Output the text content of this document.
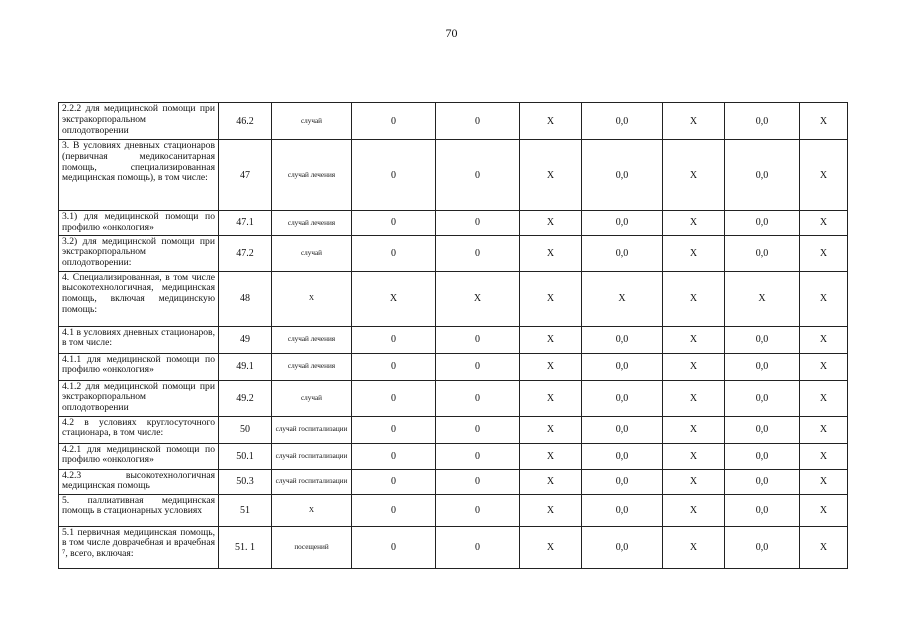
70
2.2.2 для медицинской помощи при экстракорпоральном оплодотворении	46.2	случай	0	0	X	0,0	X	0,0	X
3. В условиях дневных стационаров (первичная медикосанитарная помощь, специализированная медицинская помощь), в том числе:	47	случай лечения	0	0	X	0,0	X	0,0	X
3.1) для медицинской помощи по профилю «онкология»	47.1	случай лечения	0	0	X	0,0	X	0,0	X
3.2) для медицинской помощи при экстракорпоральном оплодотворении:	47.2	случай	0	0	X	0,0	X	0,0	X
4. Специализированная, в том числе высокотехнологичная, медицинская помощь, включая медицинскую помощь:	48	X	X	X	X	X	X	X	X
4.1 в условиях дневных стационаров, в том числе:	49	случай лечения	0	0	X	0,0	X	0,0	X
4.1.1 для медицинской помощи по профилю «онкология»	49.1	случай лечения	0	0	X	0,0	X	0,0	X
4.1.2 для медицинской помощи при экстракорпоральном оплодотворении	49.2	случай	0	0	X	0,0	X	0,0	X
4.2 в условиях круглосуточного стационара, в том числе:	50	случай госпитализации	0	0	X	0,0	X	0,0	X
4.2.1 для медицинской помощи по профилю «онкология»	50.1	случай госпитализации	0	0	X	0,0	X	0,0	X
4.2.3 высокотехнологичная медицинская помощь	50.3	случай госпитализации	0	0	X	0,0	X	0,0	X
5. паллиативная медицинская помощь в стационарных условиях	51	X	0	0	X	0,0	X	0,0	X
5.1 первичная медицинская помощь, в том числе доврачебная и врачебная ⁷, всего, включая:	51. 1	посещений	0	0	X	0,0	X	0,0	X
